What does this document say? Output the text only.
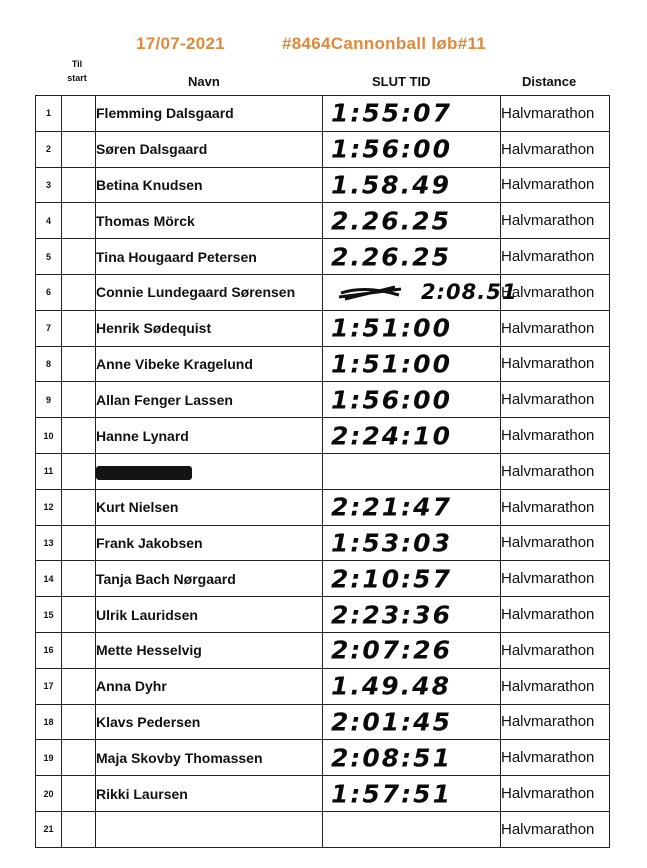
17/07-2021	#8464Cannonball løb#11
Til
start	Navn	SLUT TID	Distance
1		Flemming Dalsgaard	1:55:07	Halvmarathon
2		Søren Dalsgaard	1:56:00	Halvmarathon
3		Betina Knudsen	1.58.49	Halvmarathon
4		Thomas Mörck	2.26.25	Halvmarathon
5		Tina Hougaard Petersen	2.26.25	Halvmarathon
6		Connie Lundegaard Sørensen	2:08.51	Halvmarathon
7		Henrik Sødequist	1:51:00	Halvmarathon
8		Anne Vibeke Kragelund	1:51:00	Halvmarathon
9		Allan Fenger Lassen	1:56:00	Halvmarathon
10		Hanne Lynard	2:24:10	Halvmarathon
11				Halvmarathon
12		Kurt Nielsen	2:21:47	Halvmarathon
13		Frank Jakobsen	1:53:03	Halvmarathon
14		Tanja Bach Nørgaard	2:10:57	Halvmarathon
15		Ulrik Lauridsen	2:23:36	Halvmarathon
16		Mette Hesselvig	2:07:26	Halvmarathon
17		Anna Dyhr	1.49.48	Halvmarathon
18		Klavs Pedersen	2:01:45	Halvmarathon
19		Maja Skovby Thomassen	2:08:51	Halvmarathon
20		Rikki Laursen	1:57:51	Halvmarathon
21				Halvmarathon
